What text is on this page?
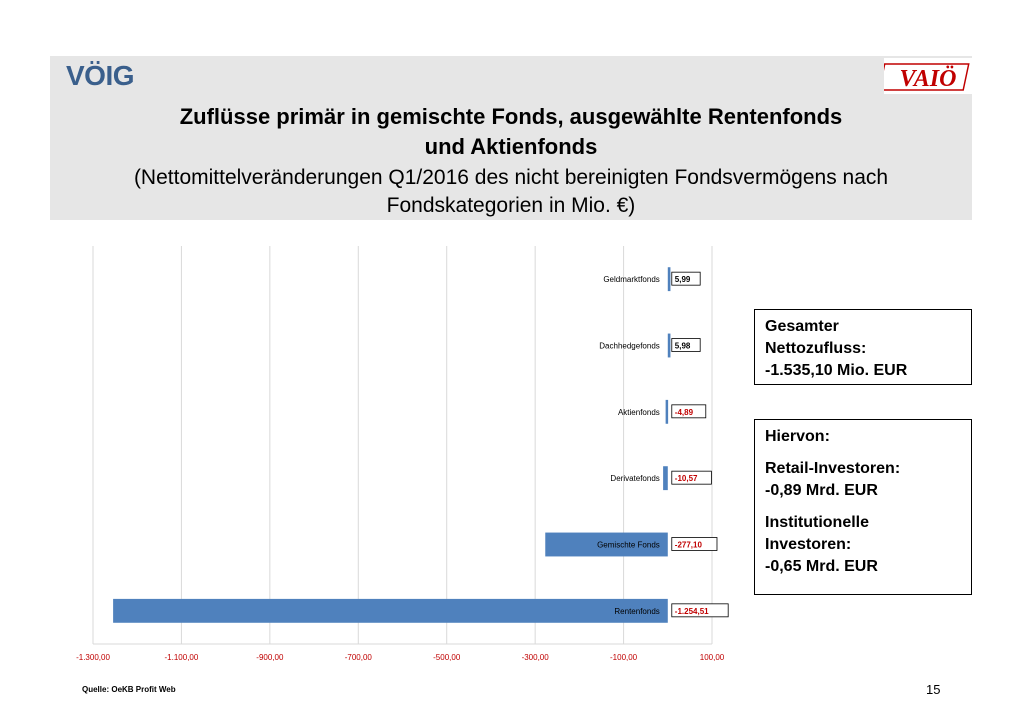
VÖIG	VAIÖ
Zuflüsse primär in gemischte Fonds, ausgewählte Rentenfonds
und Aktienfonds
(Nettomittelveränderungen Q1/2016 des nicht bereinigten Fondsvermögens nach
Fondskategorien in Mio. €)
-1.300,00	-1.100,00	-900,00	-700,00	-500,00	-300,00	-100,00	100,00
Geldmarktfonds 5,99
Dachhedgefonds 5,98
Aktienfonds -4,89
Derivatefonds -10,57
Gemischte Fonds -277,10
Rentenfonds -1.254,51
Gesamter
Nettozufluss:
-1.535,10 Mio. EUR
Hiervon:
Retail-Investoren:
-0,89 Mrd. EUR
Institutionelle
Investoren:
-0,65 Mrd. EUR
Quelle: OeKB Profit Web	15
